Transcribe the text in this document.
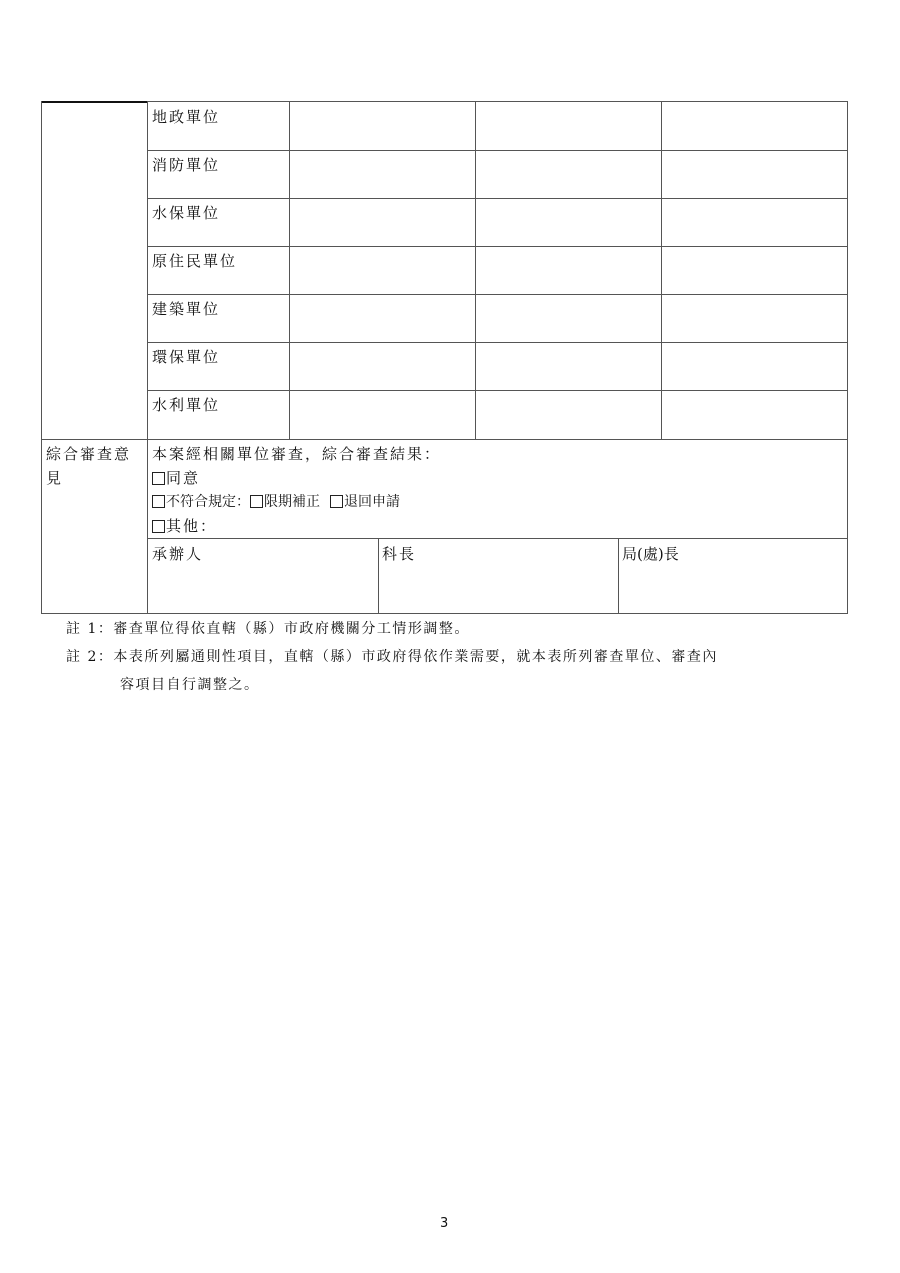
地政單位
消防單位
水保單位
原住民單位
建築單位
環保單位
水利單位
綜合審查意
見
本案經相關單位審查，綜合審查結果：
同意
不符合規定： 限期補正 退回申請
其他：
承辦人	科長	局(處)長
註 1：審查單位得依直轄（縣）市政府機關分工情形調整。
註 2：本表所列屬通則性項目，直轄（縣）市政府得依作業需要，就本表所列審查單位、審查內
容項目自行調整之。
3
